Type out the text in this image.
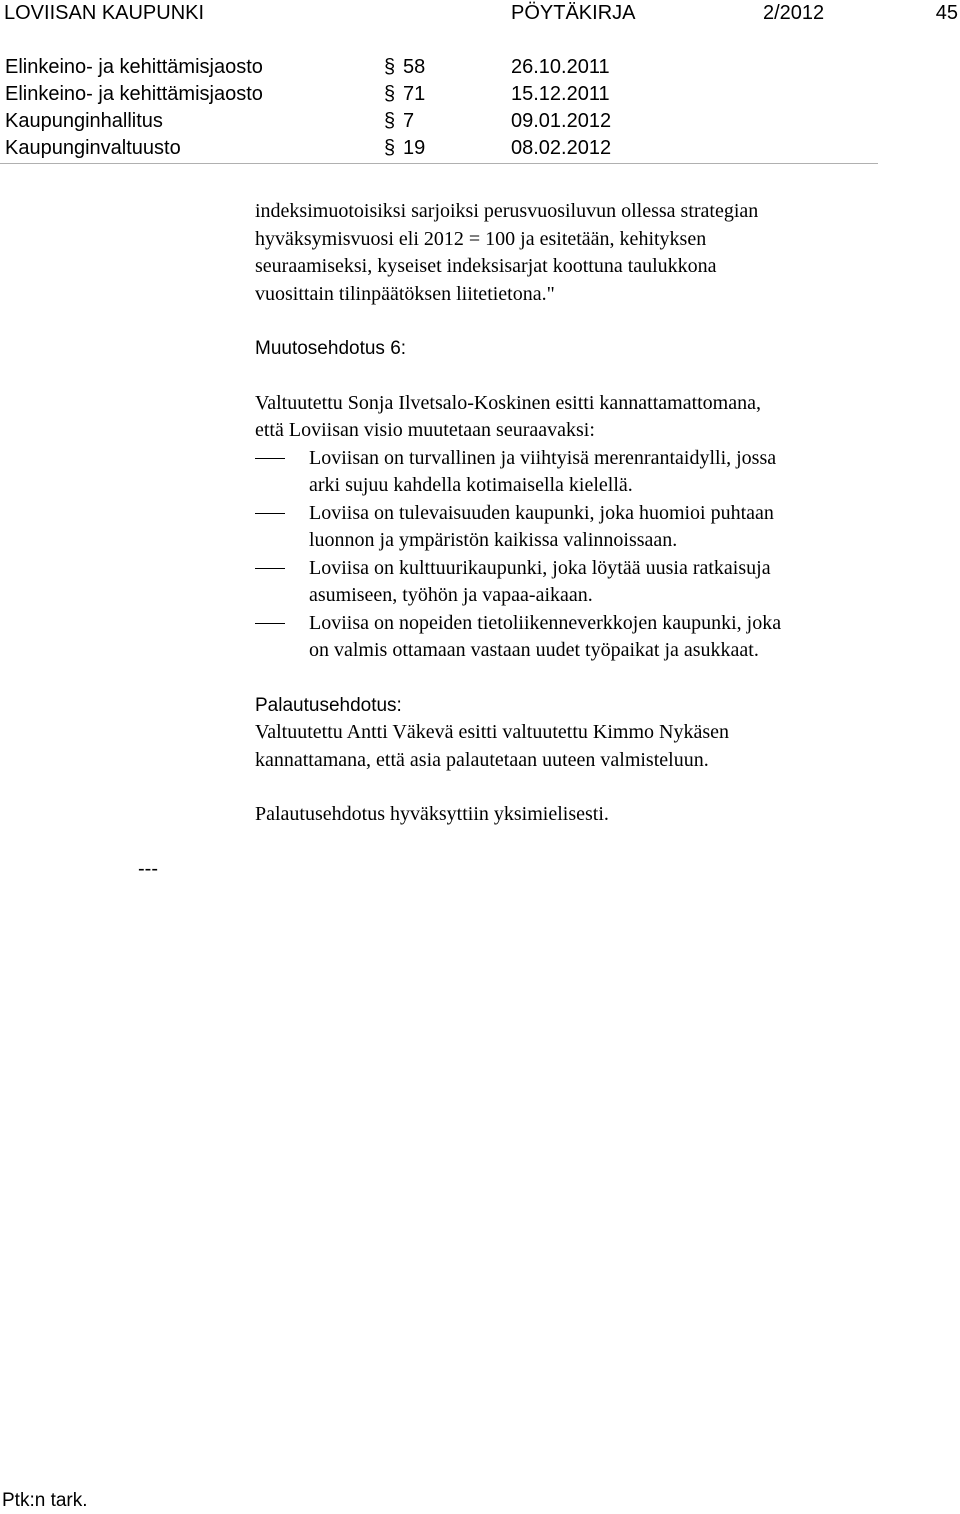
LOVIISAN KAUPUNKI	PÖYTÄKIRJA	2/2012	45
Elinkeino- ja kehittämisjaosto	§ 58	26.10.2011
Elinkeino- ja kehittämisjaosto	§ 71	15.12.2011
Kaupunginhallitus	§ 7	09.01.2012
Kaupunginvaltuusto	§ 19	08.02.2012

indeksimuotoisiksi sarjoiksi perusvuosiluvun ollessa strategian
hyväksymisvuosi eli 2012 = 100 ja esitetään, kehityksen
seuraamiseksi, kyseiset indeksisarjat koottuna taulukkona
vuosittain tilinpäätöksen liitetietona."

Muutosehdotus 6:

Valtuutettu Sonja Ilvetsalo-Koskinen esitti kannattamattomana,
että Loviisan visio muutetaan seuraavaksi:

Loviisan on turvallinen ja viihtyisä merenrantaidylli, jossa
arki sujuu kahdella kotimaisella kielellä.
Loviisa on tulevaisuuden kaupunki, joka huomioi puhtaan
luonnon ja ympäristön kaikissa valinnoissaan.
Loviisa on kulttuurikaupunki, joka löytää uusia ratkaisuja
asumiseen, työhön ja vapaa-aikaan.
Loviisa on nopeiden tietoliikenneverkkojen kaupunki, joka
on valmis ottamaan vastaan uudet työpaikat ja asukkaat.

Palautusehdotus:

Valtuutettu Antti Väkevä esitti valtuutettu Kimmo Nykäsen
kannattamana, että asia palautetaan uuteen valmisteluun.

Palautusehdotus hyväksyttiin yksimielisesti.

---
Ptk:n tark.
